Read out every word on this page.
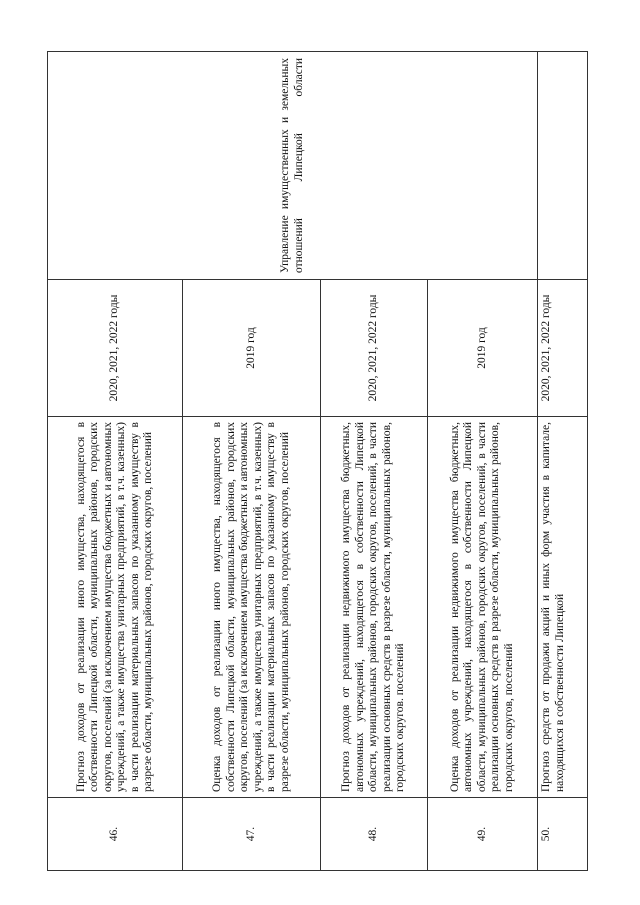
46.	Прогноз доходов от реализации иного имущества, находящегося в собственности Липецкой области, муниципальных районов, городских округов, поселений (за исключением имущества бюджетных и автономных учреждений, а также имущества унитарных предприятий, в т.ч. казенных) в части реализации материальных запасов по указанному имуществу в разрезе области, муниципальных районов, городских округов, поселений	2020, 2021, 2022 годы	Управление имущественных и земельных отношений Липецкой области

47.	Оценка доходов от реализации иного имущества, находящегося в собственности Липецкой области, муниципальных районов, городских округов, поселений (за исключением имущества бюджетных и автономных учреждений, а также имущества унитарных предприятий, в т.ч. казенных) в части реализации материальных запасов по указанному имуществу в разрезе области, муниципальных районов, городских округов, поселений	2019 год	
48.	Прогноз доходов от реализации недвижимого имущества бюджетных, автономных учреждений, находящегося в собственности Липецкой области, муниципальных районов, городских округов, поселений, в части реализации основных средств в разрезе области, муниципальных районов, городских округов. поселений	2020, 2021, 2022 годы	
49.	Оценка доходов от реализации недвижимого имущества бюджетных, автономных учреждений, находящегося в собственности Липецкой области, муниципальных районов, городских округов, поселений, в части реализации основных средств в разрезе области, муниципальных районов, городских округов, поселений	2019 год	
50.	Прогноз средств от продажи акций и иных форм участия в капитале, находящихся в собственности Липецкой	2020, 2021, 2022 годы	
